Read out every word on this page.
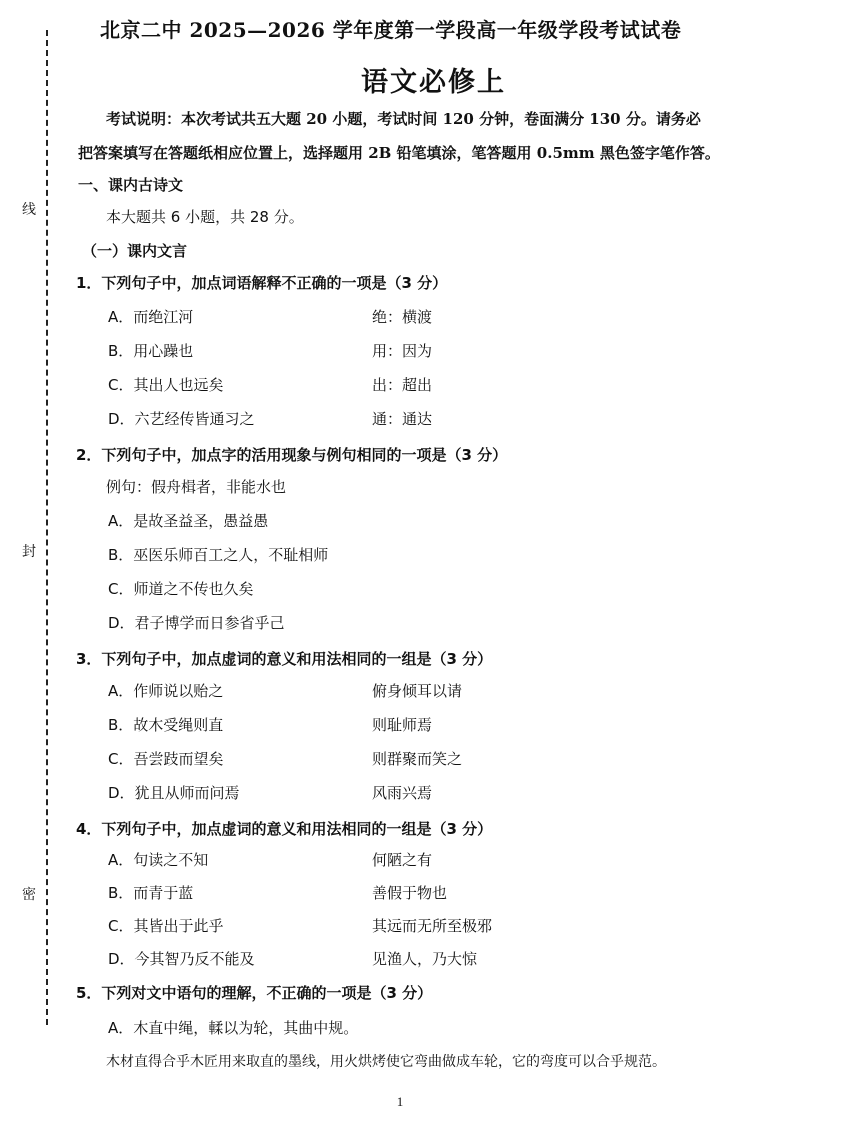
线
封
密
北京二中 2025—2026 学年度第一学段高一年级学段考试试卷
语文必修上
考试说明：本次考试共五大题 20 小题，考试时间 120 分钟，卷面满分 130 分。请务必
把答案填写在答题纸相应位置上，选择题用 2B 铅笔填涂，笔答题用 0.5mm 黑色签字笔作答。
一、课内古诗文
本大题共 6 小题，共 28 分。
（一）课内文言
1．下列句子中，加点词语解释不正确的一项是（3 分）
A．而绝江河	绝：横渡
B．用心躁也	用：因为
C．其出人也远矣	出：超出
D．六艺经传皆通习之	通：通达
2．下列句子中，加点字的活用现象与例句相同的一项是（3 分）
例句：假舟楫者，非能水也
A．是故圣益圣，愚益愚
B．巫医乐师百工之人，不耻相师
C．师道之不传也久矣
D．君子博学而日参省乎己
3．下列句子中，加点虚词的意义和用法相同的一组是（3 分）
A．作师说以贻之	俯身倾耳以请
B．故木受绳则直	则耻师焉
C．吾尝跂而望矣	则群聚而笑之
D．犹且从师而问焉	风雨兴焉
4．下列句子中，加点虚词的意义和用法相同的一组是（3 分）
A．句读之不知	何陋之有
B．而青于蓝	善假于物也
C．其皆出于此乎	其远而无所至极邪
D．今其智乃反不能及	见渔人，乃大惊
5．下列对文中语句的理解，不正确的一项是（3 分）
A．木直中绳，輮以为轮，其曲中规。
木材直得合乎木匠用来取直的墨线，用火烘烤使它弯曲做成车轮，它的弯度可以合乎规范。
1
